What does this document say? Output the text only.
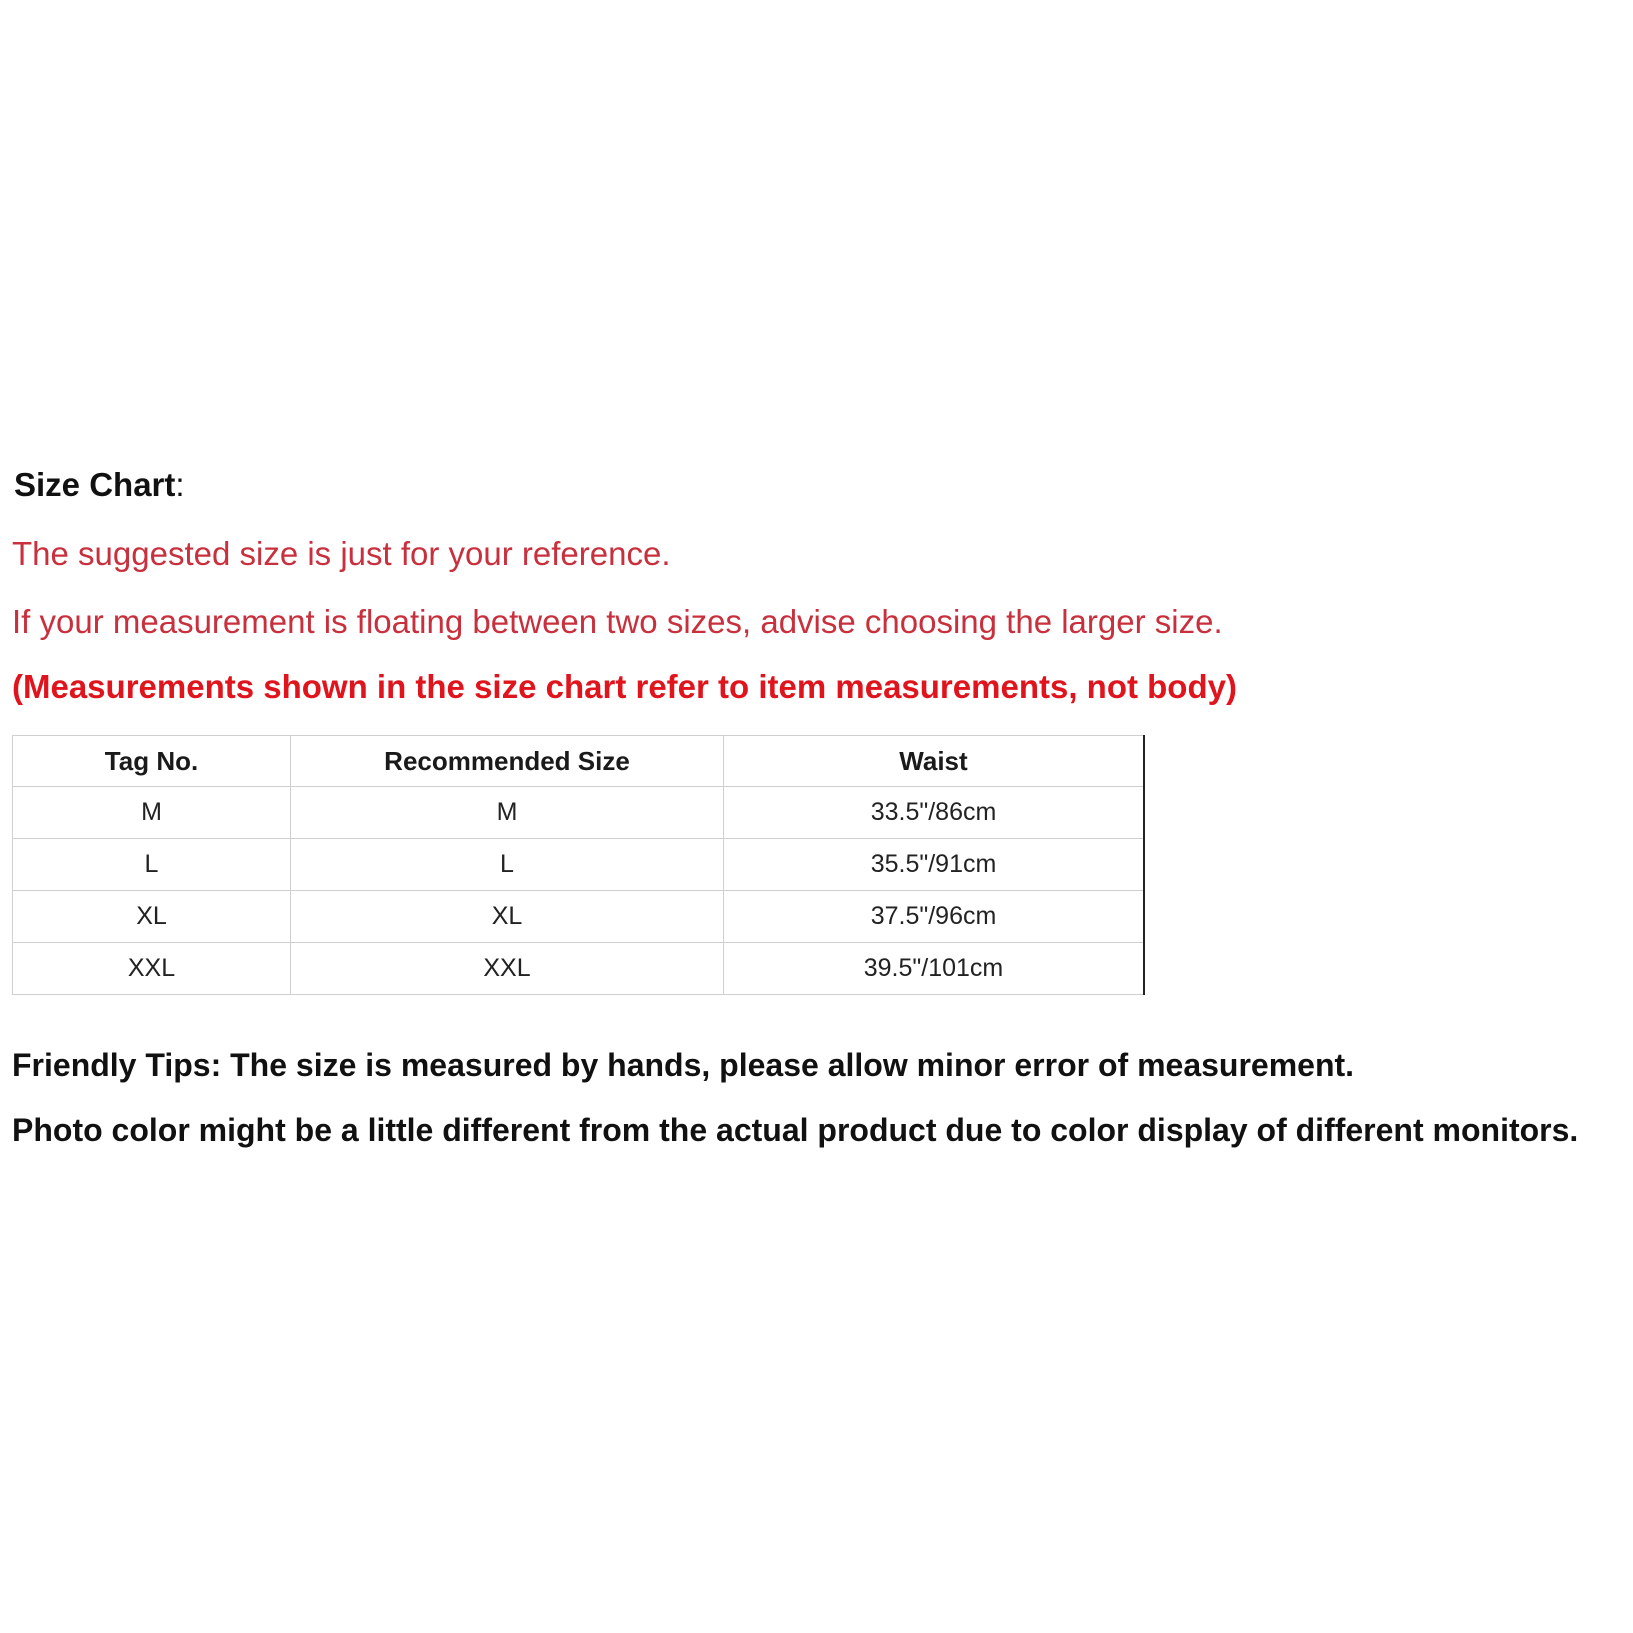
Size Chart:
The suggested size is just for your reference.
If your measurement is floating between two sizes, advise choosing the larger size.
(Measurements shown in the size chart refer to item measurements, not body)
Tag No.	Recommended Size	Waist
M	M	33.5"/86cm
L	L	35.5"/91cm
XL	XL	37.5"/96cm
XXL	XXL	39.5"/101cm
Friendly Tips: The size is measured by hands, please allow minor error of measurement.
Photo color might be a little different from the actual product due to color display of different monitors.
